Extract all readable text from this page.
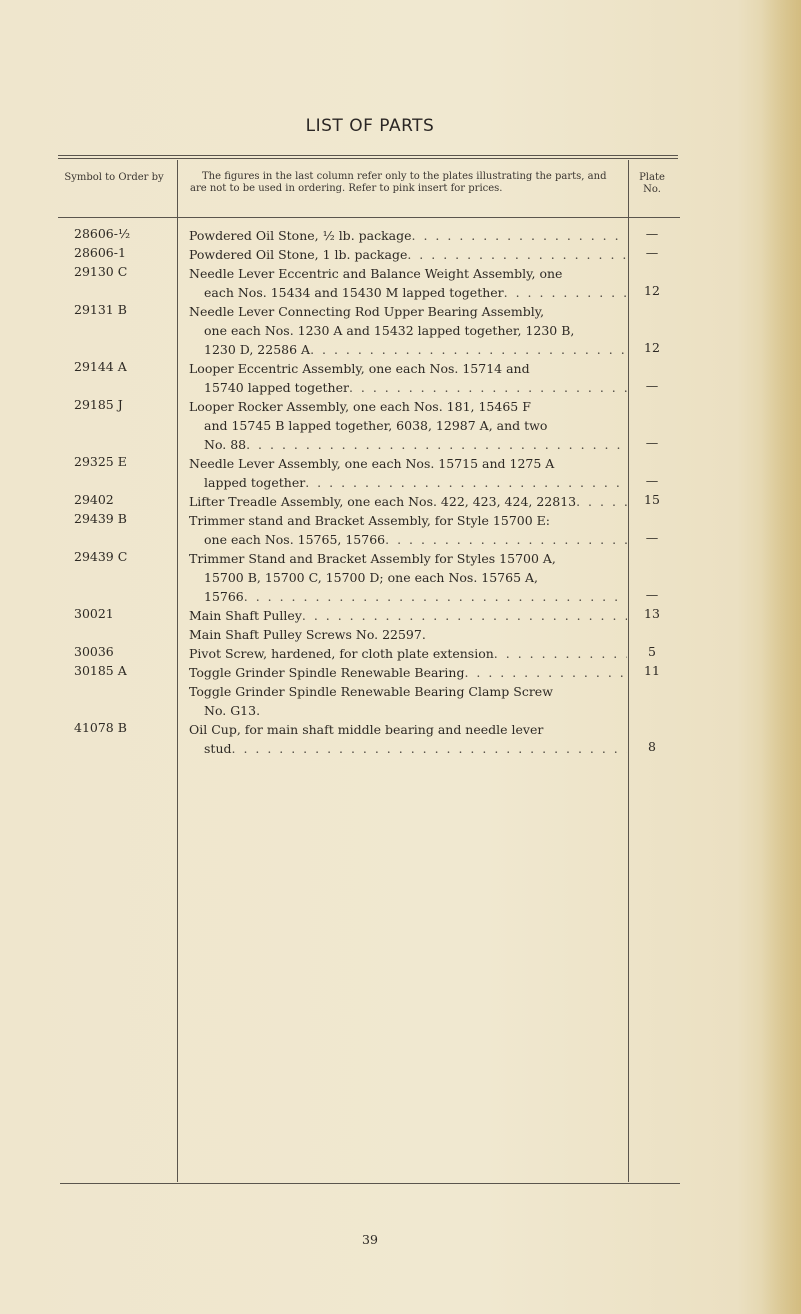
LIST OF PARTS
Symbol to Order by	The figures in the last column refer only to the plates illustrating the parts, and are not to be used in ordering. Refer to pink insert for prices.
Plate No.
28606-½	Powdered Oil Stone, ½ lb. package . . .	—
28606-1	Powdered Oil Stone, 1 lb. package . . .	—
29130 C	Needle Lever Eccentric and Balance Weight Assembly, one
each Nos. 15434 and 15430 M lapped together . . .	12
29131 B	Needle Lever Connecting Rod Upper Bearing Assembly,
one each Nos. 1230 A and 15432 lapped together, 1230 B,
1230 D, 22586 A . . .	12
29144 A	Looper Eccentric Assembly, one each Nos. 15714 and
15740 lapped together . . .	—
29185 J	Looper Rocker Assembly, one each Nos. 181, 15465 F
and 15745 B lapped together, 6038, 12987 A, and two
No. 88 . . .	—
29325 E	Needle Lever Assembly, one each Nos. 15715 and 1275 A
lapped together . . .	—
29402	Lifter Treadle Assembly, one each Nos. 422, 423, 424, 22813 . . .	15
29439 B	Trimmer stand and Bracket Assembly, for Style 15700 E:
one each Nos. 15765, 15766 . . .	—
29439 C	Trimmer Stand and Bracket Assembly for Styles 15700 A,
15700 B, 15700 C, 15700 D; one each Nos. 15765 A,
15766 . . .	—
30021	Main Shaft Pulley . . .	13
Main Shaft Pulley Screws No. 22597.
30036	Pivot Screw, hardened, for cloth plate extension . . .	5
30185 A	Toggle Grinder Spindle Renewable Bearing . . .	11
Toggle Grinder Spindle Renewable Bearing Clamp Screw
No. G13.
41078 B	Oil Cup, for main shaft middle bearing and needle lever
stud . . .	8
39
